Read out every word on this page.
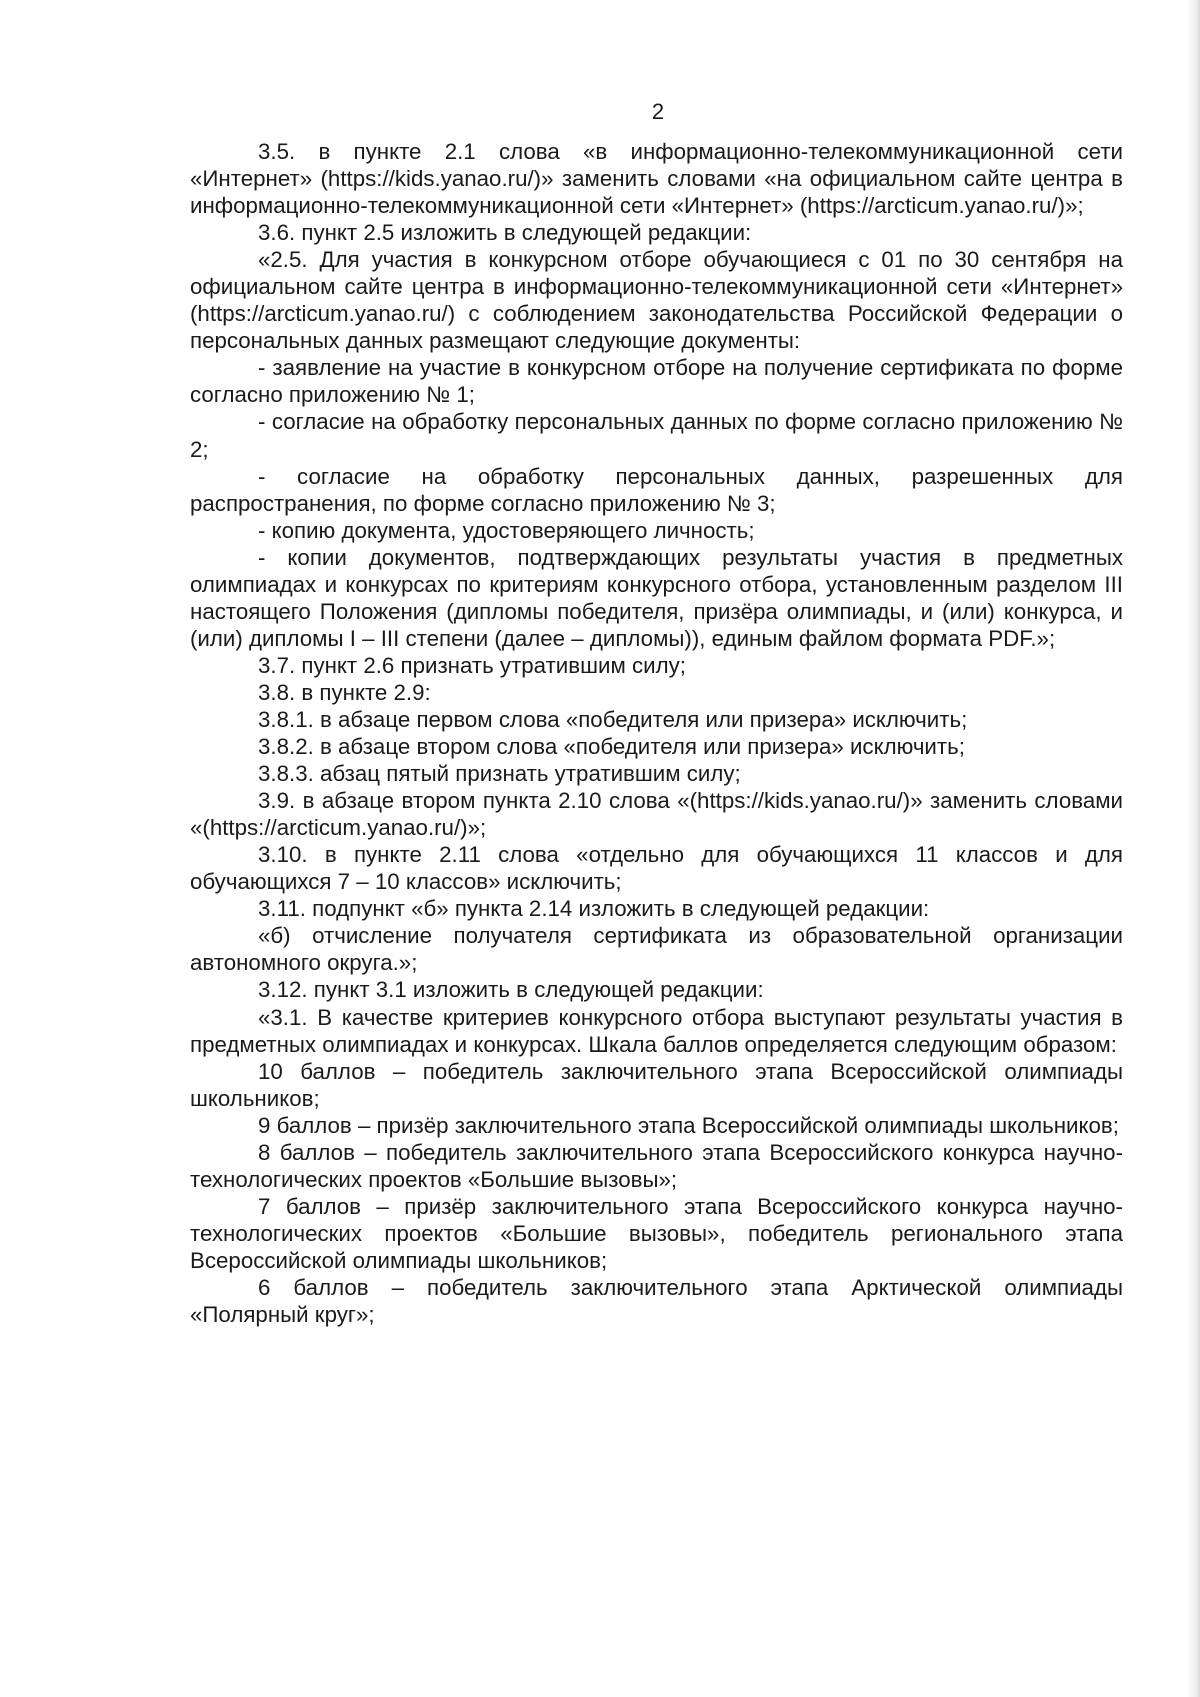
2

3.5. в пункте 2.1 слова «в информационно-телекоммуникационной сети «Интернет» (https://kids.yanao.ru/)» заменить словами «на официальном сайте центра в информационно-телекоммуникационной сети «Интернет» (https://arcticum.yanao.ru/)»;

3.6. пункт 2.5 изложить в следующей редакции:

«2.5. Для участия в конкурсном отборе обучающиеся с 01 по 30 сентября на официальном сайте центра в информационно-телекоммуникационной сети «Интернет» (https://arcticum.yanao.ru/) с соблюдением законодательства Российской Федерации о персональных данных размещают следующие документы:

- заявление на участие в конкурсном отборе на получение сертификата по форме согласно приложению № 1;

- согласие на обработку персональных данных по форме согласно приложению № 2;

- согласие на обработку персональных данных, разрешенных для распространения, по форме согласно приложению № 3;

- копию документа, удостоверяющего личность;

- копии документов, подтверждающих результаты участия в предметных олимпиадах и конкурсах по критериям конкурсного отбора, установленным разделом III настоящего Положения (дипломы победителя, призёра олимпиады, и (или) конкурса, и (или) дипломы I – III степени (далее – дипломы)), единым файлом формата PDF.»;

3.7. пункт 2.6 признать утратившим силу;

3.8. в пункте 2.9:

3.8.1. в абзаце первом слова «победителя или призера» исключить;

3.8.2. в абзаце втором слова «победителя или призера» исключить;

3.8.3. абзац пятый признать утратившим силу;

3.9. в абзаце втором пункта 2.10 слова «(https://kids.yanao.ru/)» заменить словами «(https://arcticum.yanao.ru/)»;

3.10. в пункте 2.11 слова «отдельно для обучающихся 11 классов и для обучающихся 7 – 10 классов» исключить;

3.11. подпункт «б» пункта 2.14 изложить в следующей редакции:

«б) отчисление получателя сертификата из образовательной организации автономного округа.»;

3.12. пункт 3.1 изложить в следующей редакции:

«3.1. В качестве критериев конкурсного отбора выступают результаты участия в предметных олимпиадах и конкурсах. Шкала баллов определяется следующим образом:

10 баллов – победитель заключительного этапа Всероссийской олимпиады школьников;

9 баллов – призёр заключительного этапа Всероссийской олимпиады школьников;

8 баллов – победитель заключительного этапа Всероссийского конкурса научно-технологических проектов «Большие вызовы»;

7 баллов – призёр заключительного этапа Всероссийского конкурса научно-технологических проектов «Большие вызовы», победитель регионального этапа Всероссийской олимпиады школьников;

6 баллов – победитель заключительного этапа Арктической олимпиады «Полярный круг»;
